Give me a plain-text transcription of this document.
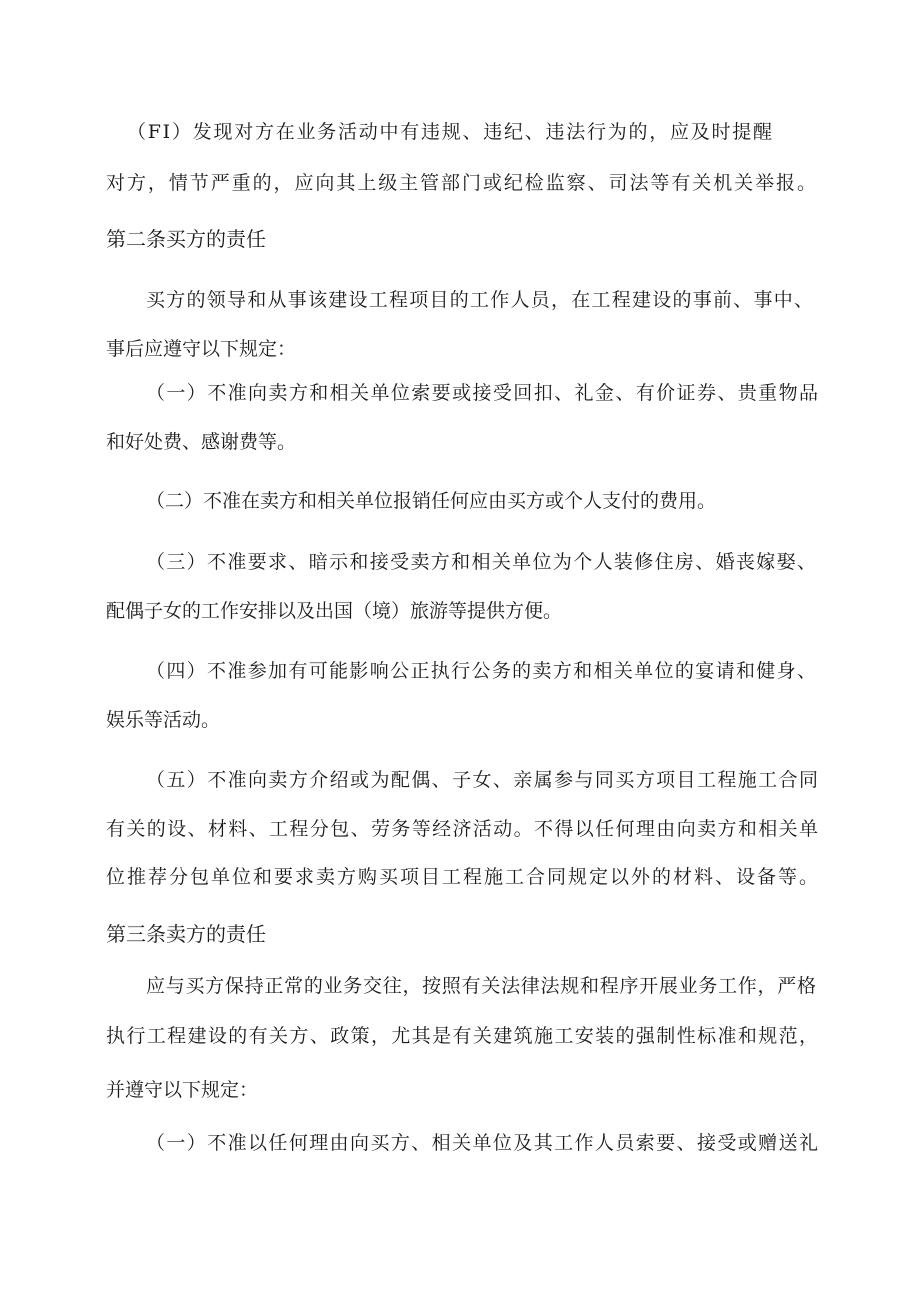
（FI）发现对方在业务活动中有违规、违纪、违法行为的，应及时提醒
对方，情节严重的，应向其上级主管部门或纪检监察、司法等有关机关举报。
第二条买方的责任
买方的领导和从事该建设工程项目的工作人员，在工程建设的事前、事中、
事后应遵守以下规定：
（一）不准向卖方和相关单位索要或接受回扣、礼金、有价证券、贵重物品
和好处费、感谢费等。
（二）不准在卖方和相关单位报销任何应由买方或个人支付的费用。
（三）不准要求、暗示和接受卖方和相关单位为个人装修住房、婚丧嫁娶、
配偶子女的工作安排以及出国（境）旅游等提供方便。
（四）不准参加有可能影响公正执行公务的卖方和相关单位的宴请和健身、
娱乐等活动。
（五）不准向卖方介绍或为配偶、子女、亲属参与同买方项目工程施工合同
有关的设、材料、工程分包、劳务等经济活动。不得以任何理由向卖方和相关单
位推荐分包单位和要求卖方购买项目工程施工合同规定以外的材料、设备等。
第三条卖方的责任
应与买方保持正常的业务交往，按照有关法律法规和程序开展业务工作，严格
执行工程建设的有关方、政策，尤其是有关建筑施工安装的强制性标准和规范，
并遵守以下规定：
（一）不准以任何理由向买方、相关单位及其工作人员索要、接受或赠送礼
